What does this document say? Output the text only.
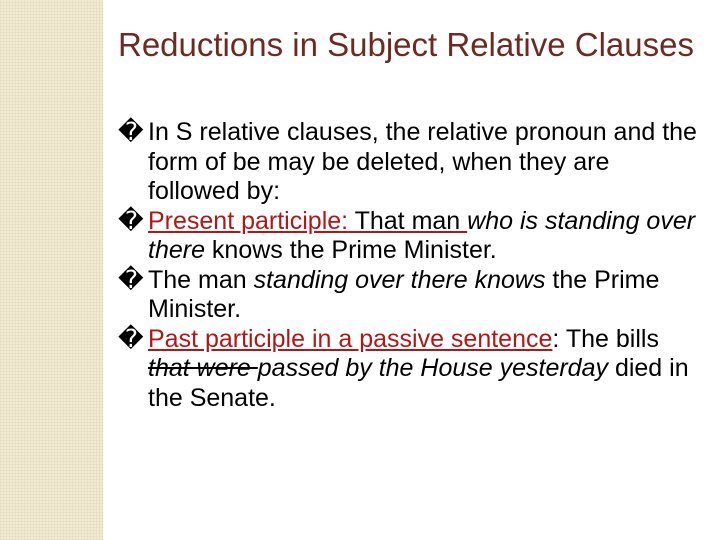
Reductions in Subject Relative Clauses

� In S relative clauses, the relative pronoun and the form of be may be deleted, when they are followed by:

� Present participle: That man who is standing over there knows the Prime Minister.

� The man standing over there knows the Prime Minister.

� Past participle in a passive sentence: The bills that were passed by the House yesterday died in the Senate.
